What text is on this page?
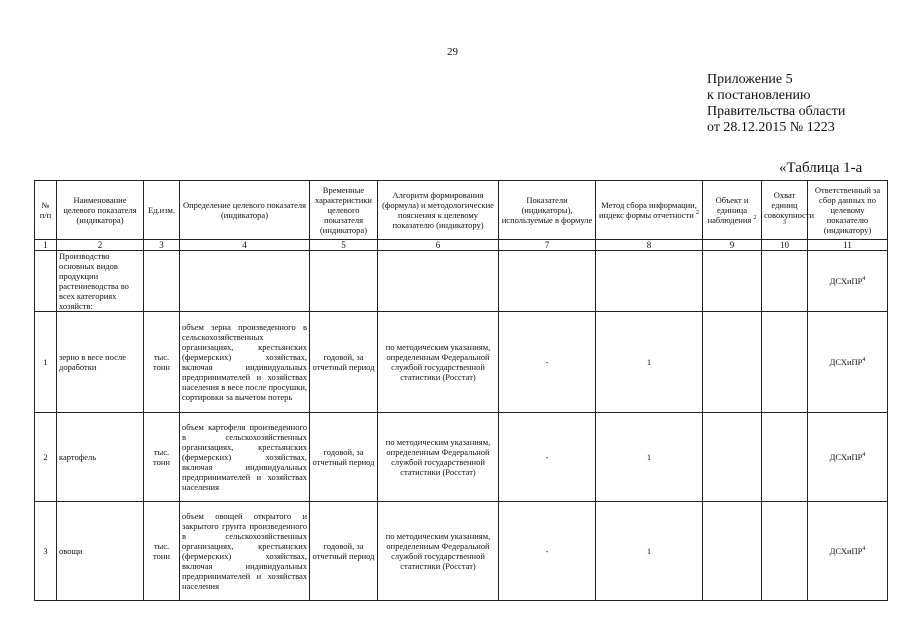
29
Приложение 5
к постановлению
Правительства области
от 28.12.2015 № 1223
«Таблица 1-а
№ п/п	Наименование целевого показателя (индикатора)	Ед.изм.	Определение целевого показателя (индикатора)	Временные характеристики целевого показателя (индикатора)	Алгоритм формирования (формула) и методологические пояснения к целевому показателю (индикатору)	Показатели (индикаторы), используемые в формуле	Метод сбора информации, индекс формы отчетности $^2$	Объект и единица наблюдения $^2$	Охват единиц совокупности $^3$	Ответственный за сбор данных по целевому показателю (индикатору)
1	2	3	4	5	6	7	8	9	10	11
	Производство основных видов продукции растениеводства во всех категориях хозяйств:									ДСХиПР$^4$
1	зерно в весе после доработки	тыс. тонн	объем зерна произведенного в сельскохозяйственных организациях, крестьянских (фермерских) хозяйствах, включая индивидуальных предпринимателей и хозяйствах населения в весе после просушки, сортировки за вычетом потерь	годовой, за отчетный период	по методическим указаниям, определенным Федеральной службой государственной статистики (Росстат)	-	1			ДСХиПР$^4$
2	картофель	тыс. тонн	объем картофеля произведенного в сельскохозяйственных организациях, крестьянских (фермерских) хозяйствах, включая индивидуальных предпринимателей и хозяйствах населения	годовой, за отчетный период	по методическим указаниям, определенным Федеральной службой государственной статистики (Росстат)	-	1			ДСХиПР$^4$
3	овощи	тыс. тонн	объем овощей открытого и закрытого грунта произведенного в сельскохозяйственных организациях, крестьянских (фермерских) хозяйствах, включая индивидуальных предпринимателей и хозяйствах населения	годовой, за отчетный период	по методическим указаниям, определенным Федеральной службой государственной статистики (Росстат)	-	1			ДСХиПР$^4$
